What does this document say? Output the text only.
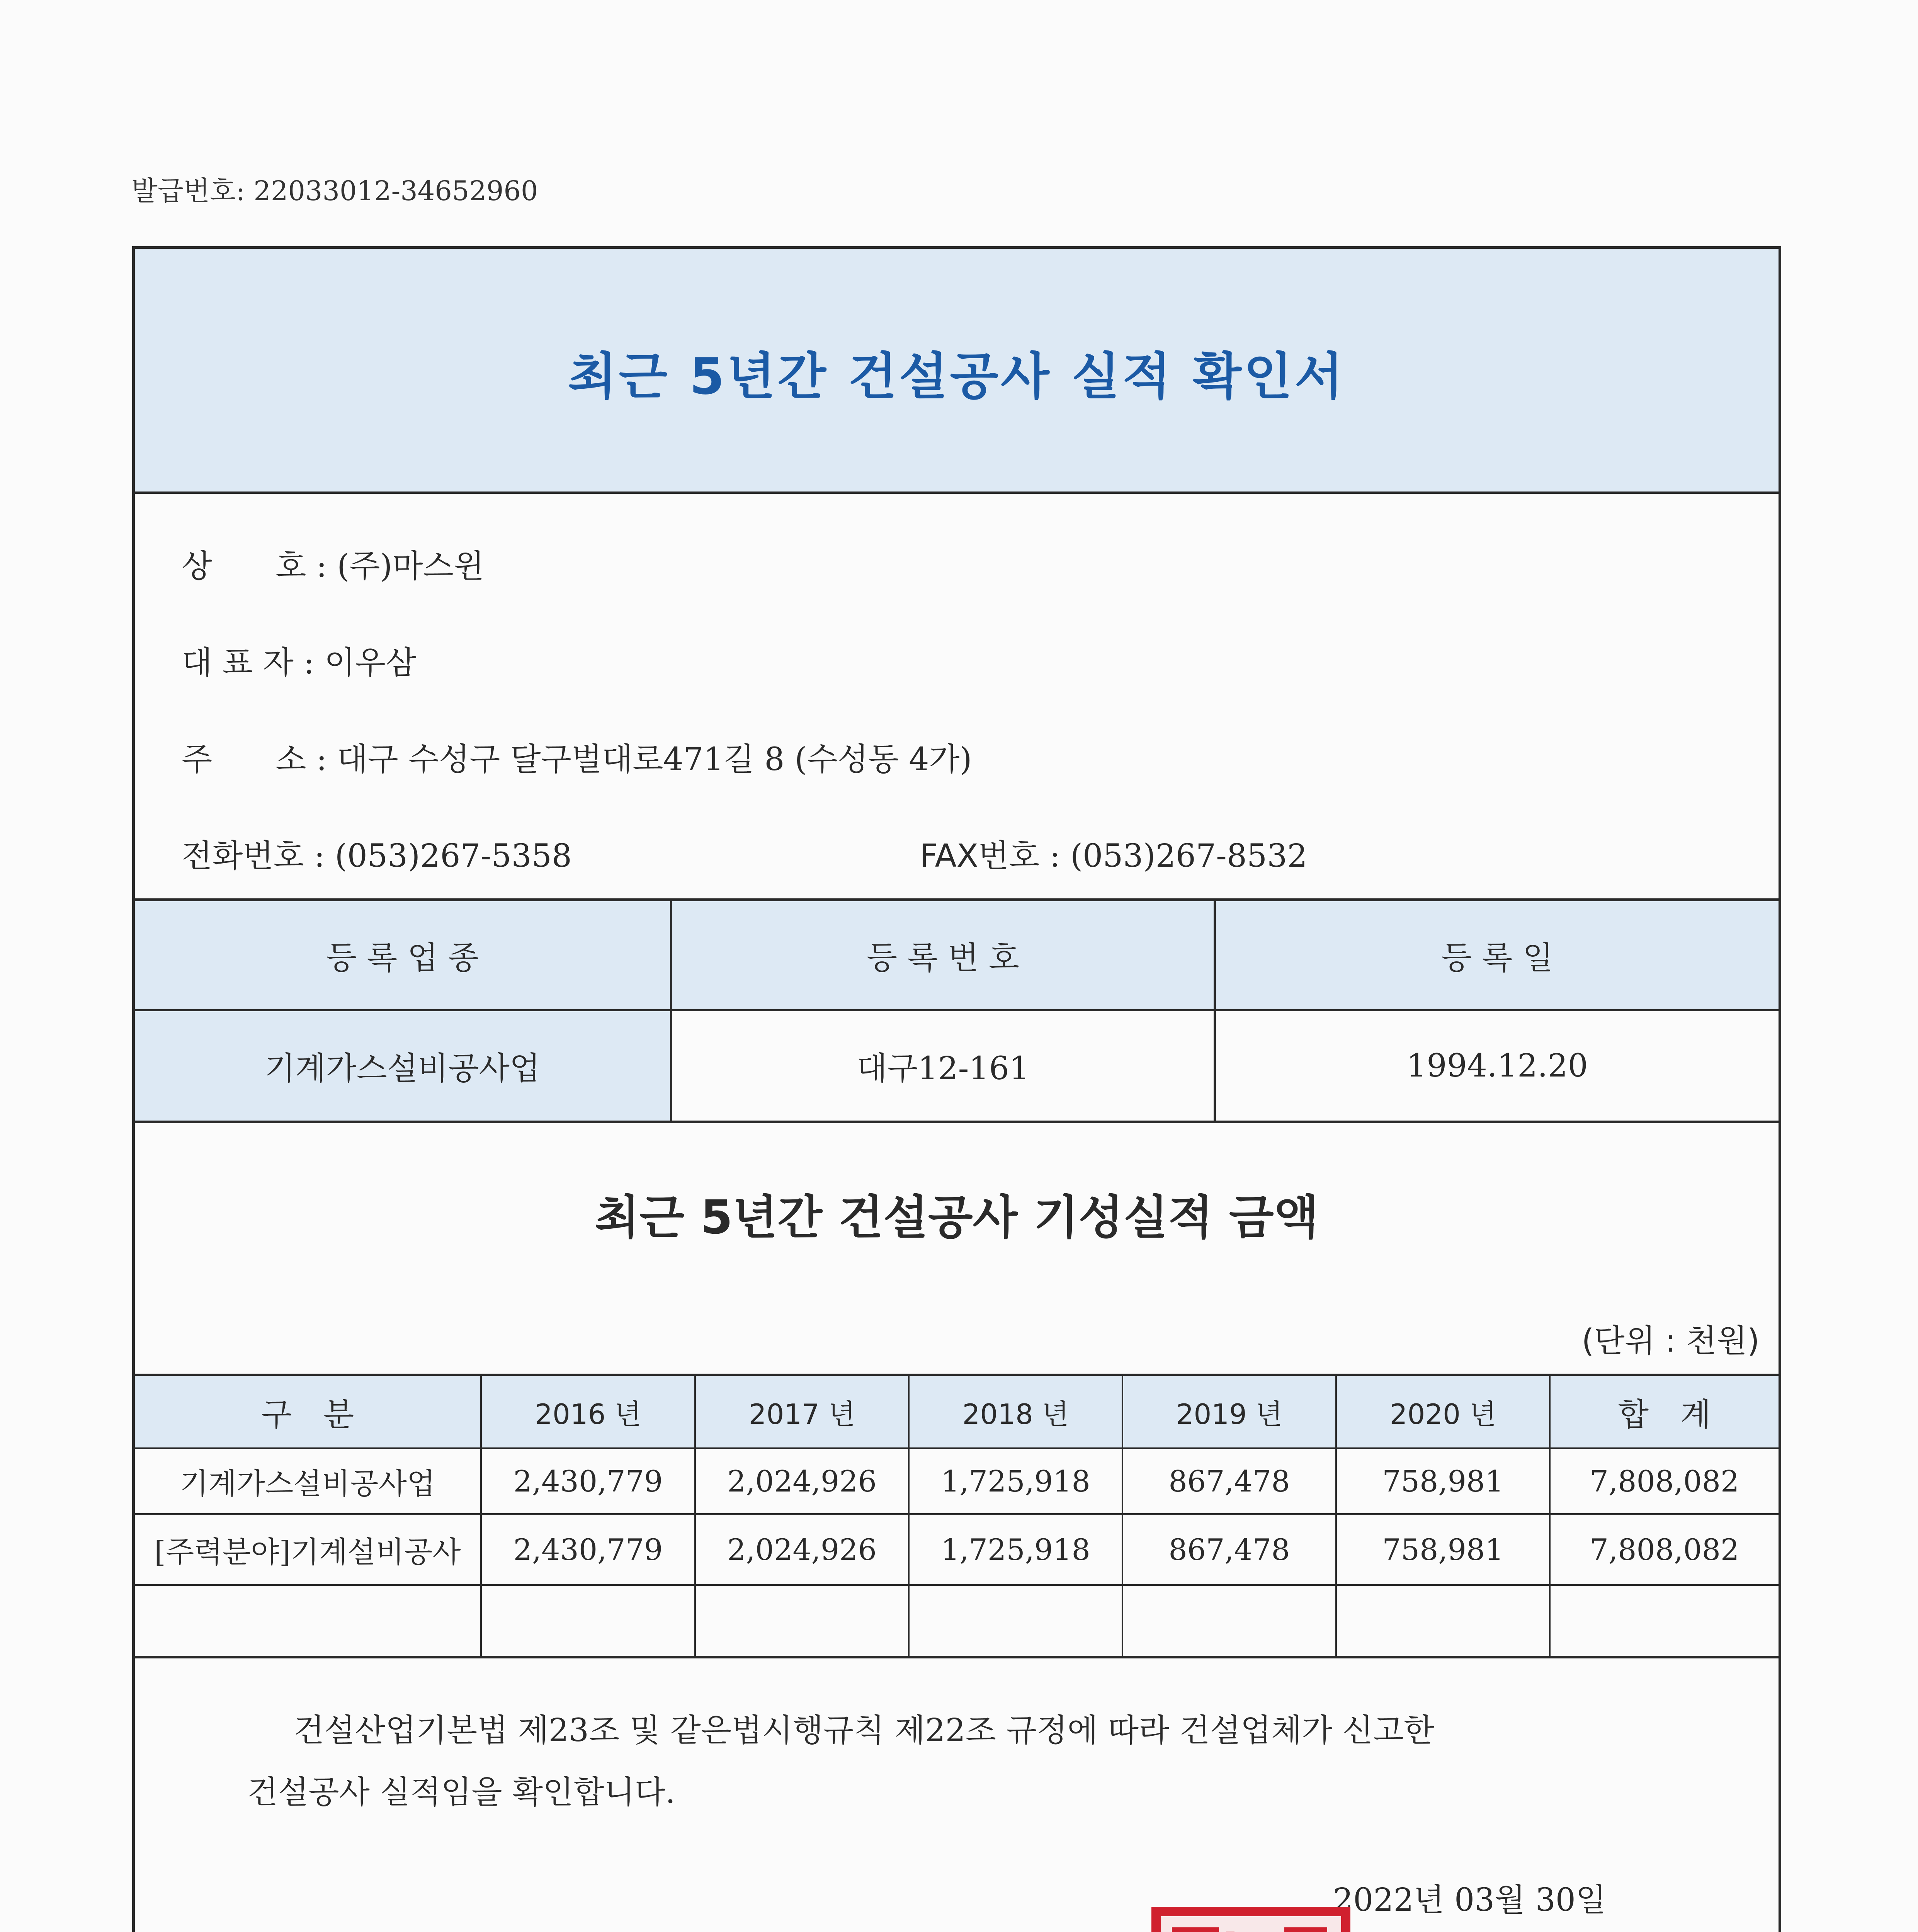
발급번호: 22033012-34652960
최근 5년간 건설공사 실적 확인서
상　　호 : (주)마스윈
대 표 자 : 이우삼
주　　소 : 대구 수성구 달구벌대로471길 8 (수성동 4가)
전화번호 : (053)267-5358	FAX번호 : (053)267-8532
등 록 업 종	등 록 번 호	등 록 일
기계가스설비공사업	대구12-161	1994.12.20
최근 5년간 건설공사 기성실적 금액
(단위 : 천원)
구　분	2016 년	2017 년	2018 년	2019 년	2020 년	합　계
기계가스설비공사업	2,430,779	2,024,926	1,725,918	867,478	758,981	7,808,082
[주력분야]기계설비공사	2,430,779	2,024,926	1,725,918	867,478	758,981	7,808,082
건설산업기본법 제23조 및 같은법시행규칙 제22조 규정에 따라 건설업체가 신고한
건설공사 실적임을 확인합니다.
2022년 03월 30일
